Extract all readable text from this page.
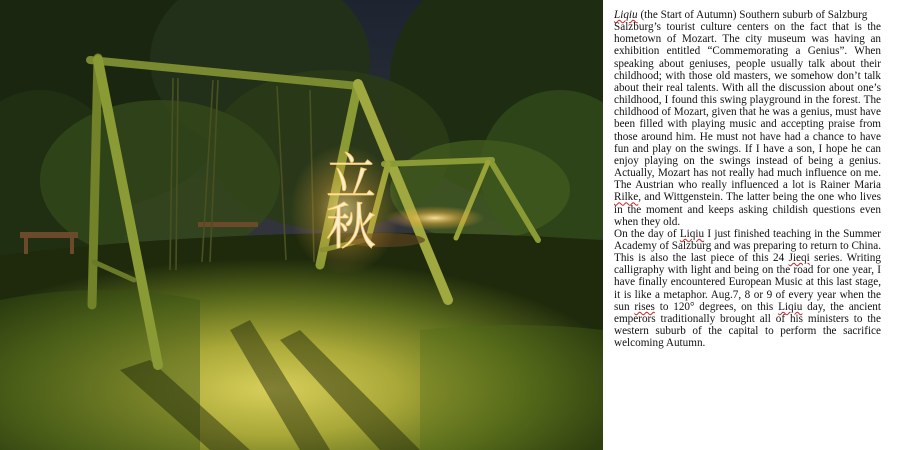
立秋

Liqiu (the Start of Autumn) Southern suburb of Salzburg

Salzburg’s tourist culture centers on the fact that is the hometown of Mozart. The city museum was having an exhibition entitled “Commemorating a Genius”. When speaking about geniuses, people usually talk about their childhood; with those old masters, we somehow don’t talk about their real talents. With all the discussion about one’s childhood, I found this swing playground in the forest. The childhood of Mozart, given that he was a genius, must have been filled with playing music and accepting praise from those around him. He must not have had a chance to have fun and play on the swings. If I have a son, I hope he can enjoy playing on the swings instead of being a genius. Actually, Mozart has not really had much influence on me. The Austrian who really influenced a lot is Rainer Maria Rilke, and Wittgenstein. The latter being the one who lives in the moment and keeps asking childish questions even when they old.

On the day of Liqiu I just finished teaching in the Summer Academy of Salzburg and was preparing to return to China. This is also the last piece of this 24 Jieqi series. Writing calligraphy with light and being on the road for one year, I have finally encountered European Music at this last stage, it is like a metaphor. Aug.7, 8 or 9 of every year when the sun rises to 120° degrees, on this Liqiu day, the ancient emperors traditionally brought all of his ministers to the western suburb of the capital to perform the sacrifice welcoming Autumn.
